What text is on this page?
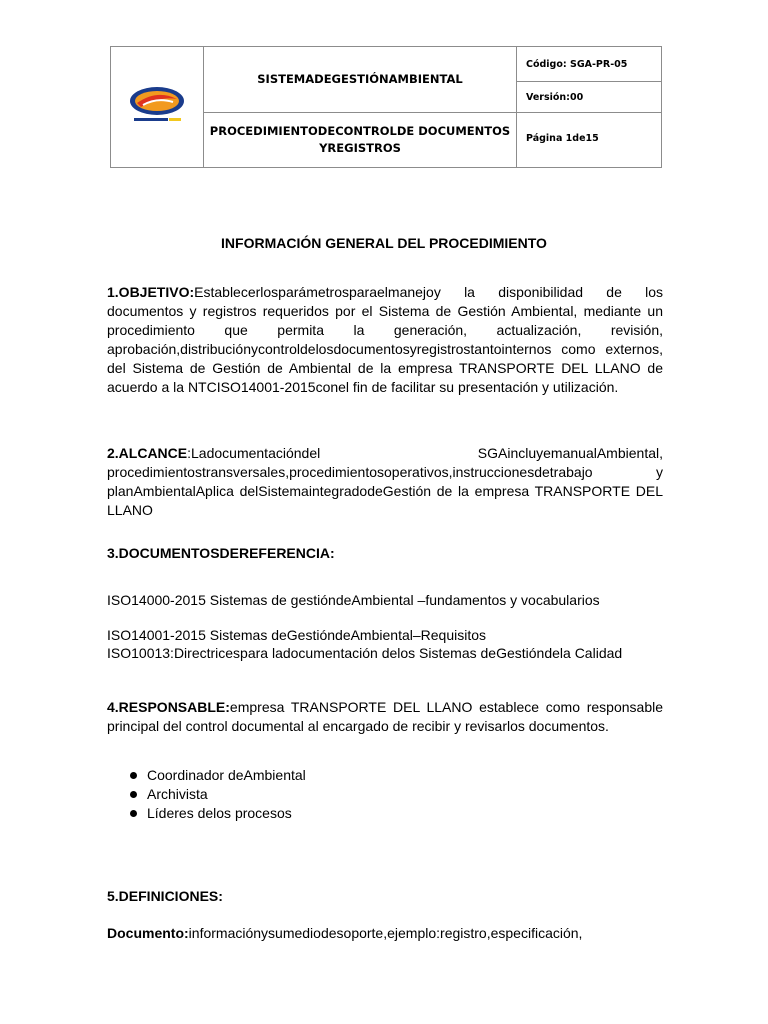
	SISTEMADEGESTIÓNAMBIENTAL	Código: SGA-PR-05
		Versión:00
	PROCEDIMIENTODECONTROLDE DOCUMENTOS YREGISTROS	Página 1de15
INFORMACIÓN GENERAL DEL PROCEDIMIENTO
1.OBJETIVO:Establecerlosparámetrosparaelmanejoy la disponibilidad de los documentos y registros requeridos por el Sistema de Gestión Ambiental, mediante un procedimiento que permita la generación, actualización, revisión, aprobación,distribuciónycontroldelosdocumentosyregistrostantointernos como externos, del Sistema de Gestión de Ambiental de la empresa TRANSPORTE DEL LLANO de acuerdo a la NTCISO14001-2015conel fin de facilitar su presentación y utilización.
2.ALCANCE:Ladocumentacióndel SGAincluyemanualAmbiental, procedimientostransversales,procedimientosoperativos,instruccionesdetrabajo y planAmbientalAplica delSistemaintegradodeGestión de la empresa TRANSPORTE DEL LLANO
3.DOCUMENTOSDEREFERENCIA:
ISO14000-2015 Sistemas de gestióndeAmbiental –fundamentos y vocabularios
ISO14001-2015 Sistemas deGestióndeAmbiental–Requisitos
ISO10013:Directricespara ladocumentación delos Sistemas deGestióndela Calidad
4.RESPONSABLE:empresa TRANSPORTE DEL LLANO establece como responsable principal del control documental al encargado de recibir y revisarlos documentos.
Coordinador deAmbiental
Archivista
Líderes delos procesos
5.DEFINICIONES:
Documento:informaciónysumediodesoporte,ejemplo:registro,especificación,
